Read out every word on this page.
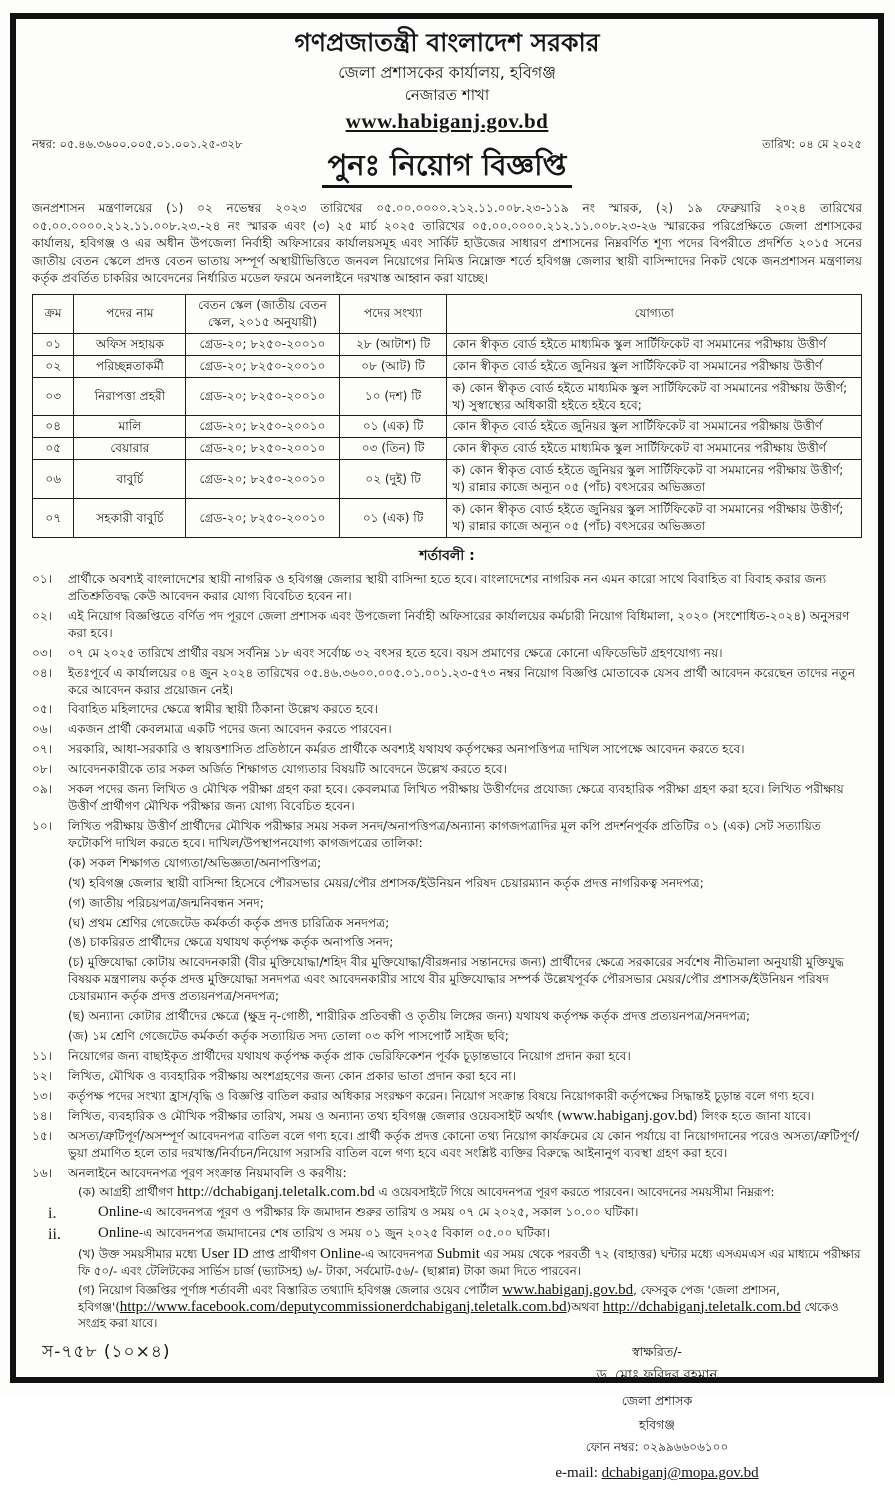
গণপ্রজাতন্ত্রী বাংলাদেশ সরকার
জেলা প্রশাসকের কার্যালয়, হবিগঞ্জ
নেজারত শাখা
www.habiganj.gov.bd
নম্বর: ০৫.৪৬.৩৬০০.০০৫.০১.০০১.২৫-৩২৮	তারিখ: ০৪ মে ২০২৫
পুনঃ নিয়োগ বিজ্ঞপ্তি
জনপ্রশাসন মন্ত্রণালয়ের (১) ০২ নভেম্বর ২০২৩ তারিখের ০৫.০০.০০০০.২১২.১১.০০৮.২৩-১১৯ নং স্মারক, (২) ১৯ ফেব্রুয়ারি ২০২৪ তারিখের ০৫.০০.০০০০.২১২.১১.০০৮.২৩.-২৪ নং স্মারক এবং (৩) ২৫ মার্চ ২০২৫ তারিখের ০৫.০০.০০০০.২১২.১১.০০৮.২৩-২৬ স্মারকের পরিপ্রেক্ষিতে জেলা প্রশাসকের কার্যালয়, হবিগঞ্জ ও এর অধীন উপজেলা নির্বাহী অফিসারের কার্যালয়সমূহ এবং সার্কিট হাউজের সাধারণ প্রশাসনের নিম্নবর্ণিত শূণ্য পদের বিপরীতে প্রদর্শিত ২০১৫ সনের জাতীয় বেতন স্কেলে প্রদত্ত বেতন ভাতায় সম্পূর্ণ অস্থায়ীভিত্তিতে জনবল নিয়োগের নিমিত্ত নিম্নোক্ত শর্তে হবিগঞ্জ জেলার স্থায়ী বাসিন্দাদের নিকট থেকে জনপ্রশাসন মন্ত্রণালয় কর্তৃক প্রবর্তিত চাকরির আবেদনের নির্ধারিত মডেল ফরমে অনলাইনে দরখাস্ত আহ্বান করা যাচ্ছে।
ক্রম	পদের নাম	বেতন স্কেল (জাতীয় বেতন স্কেল, ২০১৫ অনুযায়ী)	পদের সংখ্যা	যোগ্যতা
০১	অফিস সহায়ক	গ্রেড-২০; ৮২৫০-২০০১০	২৮ (আটাশ) টি	কোন স্বীকৃত বোর্ড হইতে মাধ্যমিক স্কুল সার্টিফিকেট বা সমমানের পরীক্ষায় উত্তীর্ণ

০২	পরিচ্ছন্নতাকর্মী	গ্রেড-২০; ৮২৫০-২০০১০	০৮ (আট) টি	কোন স্বীকৃত বোর্ড হইতে জুনিয়র স্কুল সার্টিফিকেট বা সমমানের পরীক্ষায় উত্তীর্ণ

০৩	নিরাপত্তা প্রহরী	গ্রেড-২০; ৮২৫০-২০০১০	১০ (দশ) টি	ক) কোন স্বীকৃত বোর্ড হইতে মাধ্যমিক স্কুল সার্টিফিকেট বা সমমানের পরীক্ষায় উত্তীর্ণ;
খ) সুস্বাস্থ্যের অধিকারী হইতে হইবে হবে;

০৪	মালি	গ্রেড-২০; ৮২৫০-২০০১০	০১ (এক) টি	কোন স্বীকৃত বোর্ড হইতে জুনিয়র স্কুল সার্টিফিকেট বা সমমানের পরীক্ষায় উত্তীর্ণ

০৫	বেয়ারার	গ্রেড-২০; ৮২৫০-২০০১০	০৩ (তিন) টি	কোন স্বীকৃত বোর্ড হইতে মাধ্যমিক স্কুল সার্টিফিকেট বা সমমানের পরীক্ষায় উত্তীর্ণ

০৬	বাবুর্চি	গ্রেড-২০; ৮২৫০-২০০১০	০২ (দুই) টি	ক) কোন স্বীকৃত বোর্ড হইতে জুনিয়র স্কুল সার্টিফিকেট বা সমমানের পরীক্ষায় উত্তীর্ণ;
খ) রান্নার কাজে অন্যূন ০৫ (পাঁচ) বৎসরের অভিজ্ঞতা

০৭	সহকারী বাবুর্চি	গ্রেড-২০; ৮২৫০-২০০১০	০১ (এক) টি	ক) কোন স্বীকৃত বোর্ড হইতে জুনিয়র স্কুল সার্টিফিকেট বা সমমানের পরীক্ষায় উত্তীর্ণ;
খ) রান্নার কাজে অন্যূন ০৫ (পাঁচ) বৎসরের অভিজ্ঞতা
শর্তাবলী :
০১।	প্রার্থীকে অবশ্যই বাংলাদেশের স্থায়ী নাগরিক ও হবিগঞ্জ জেলার স্থায়ী বাসিন্দা হতে হবে। বাংলাদেশের নাগরিক নন এমন কারো সাথে বিবাহিত বা বিবাহ করার জন্য প্রতিশ্রুতিবদ্ধ কেউ আবেদন করার যোগ্য বিবেচিত হবেন না।
০২।	এই নিয়োগ বিজ্ঞপ্তিতে বর্ণিত পদ পূরণে জেলা প্রশাসক এবং উপজেলা নির্বাহী অফিসারের কার্যালয়ের কর্মচারী নিয়োগ বিধিমালা, ২০২০ (সংশোধিত-২০২৪) অনুসরণ করা হবে।
০৩।	০৭ মে ২০২৫ তারিখে প্রার্থীর বয়স সর্বনিম্ন ১৮ এবং সর্বোচ্চ ৩২ বৎসর হতে হবে। বয়স প্রমাণের ক্ষেত্রে কোনো এফিডেভিট গ্রহণযোগ্য নয়।
০৪।	ইতঃপূর্বে এ কার্যালয়ের ০৪ জুন ২০২৪ তারিখের ০৫.৪৬.৩৬০০.০০৫.০১.০০১.২৩-৫৭৩ নম্বর নিয়োগ বিজ্ঞপ্তি মোতাবেক যেসব প্রার্থী আবেদন করেছেন তাদের নতুন করে আবেদন করার প্রয়োজন নেই।
০৫।	বিবাহিত মহিলাদের ক্ষেত্রে স্বামীর স্থায়ী ঠিকানা উল্লেখ করতে হবে।
০৬।	একজন প্রার্থী কেবলমাত্র একটি পদের জন্য আবেদন করতে পারবেন।
০৭।	সরকারি, আধা-সরকারি ও স্বায়ত্তশাসিত প্রতিষ্ঠানে কর্মরত প্রার্থীকে অবশ্যই যথাযথ কর্তৃপক্ষের অনাপত্তিপত্র দাখিল সাপেক্ষে আবেদন করতে হবে।
০৮।	আবেদনকারীকে তার সকল অর্জিত শিক্ষাগত যোগ্যতার বিষয়টি আবেদনে উল্লেখ করতে হবে।
০৯।	সকল পদের জন্য লিখিত ও মৌখিক পরীক্ষা গ্রহণ করা হবে। কেবলমাত্র লিখিত পরীক্ষায় উত্তীর্ণদের প্রযোজ্য ক্ষেত্রে ব্যবহারিক পরীক্ষা গ্রহণ করা হবে। লিখিত পরীক্ষায় উত্তীর্ণ প্রার্থীগণ মৌখিক পরীক্ষার জন্য যোগ্য বিবেচিত হবেন।
১০।	লিখিত পরীক্ষায় উত্তীর্ণ প্রার্থীদের মৌখিক পরীক্ষার সময় সকল সনদ/অনাপত্তিপত্র/অন্যান্য কাগজপত্রাদির মূল কপি প্রদর্শনপূর্বক প্রতিটির ০১ (এক) সেট সত্যায়িত ফটোকপি দাখিল করতে হবে। দাখিল/উপস্থাপনযোগ্য কাগজপত্রের তালিকা:
(ক) সকল শিক্ষাগত যোগ্যতা/অভিজ্ঞতা/অনাপত্তিপত্র;
(খ) হবিগঞ্জ জেলার স্থায়ী বাসিন্দা হিসেবে পৌরসভার মেয়র/পৌর প্রশাসক/ইউনিয়ন পরিষদ চেয়ারম্যান কর্তৃক প্রদত্ত নাগরিকত্ব সনদপত্র;
(গ) জাতীয় পরিচয়পত্র/জন্মনিবন্ধন সনদ;
(ঘ) প্রথম শ্রেণির গেজেটেড কর্মকর্তা কর্তৃক প্রদত্ত চারিত্রিক সনদপত্র;
(ঙ) চাকরিরত প্রার্থীদের ক্ষেত্রে যথাযথ কর্তৃপক্ষ কর্তৃক অনাপত্তি সনদ;
(চ) মুক্তিযোদ্ধা কোটায় আবেদনকারী (বীর মুক্তিযোদ্ধা/শহিদ বীর মুক্তিযোদ্ধা/বীরঙ্গনার সন্তানদের জন্য) প্রার্থীদের ক্ষেত্রে সরকারের সর্বশেষ নীতিমালা অনুযায়ী মুক্তিযুদ্ধ বিষয়ক মন্ত্রণালয় কর্তৃক প্রদত্ত মুক্তিযোদ্ধা সনদপত্র এবং আবেদনকারীর সাথে বীর মুক্তিযোদ্ধার সম্পর্ক উল্লেখপূর্বক পৌরসভার মেয়র/পৌর প্রশাসক/ইউনিয়ন পরিষদ চেয়ারম্যান কর্তৃক প্রদত্ত প্রত্যয়নপত্র/সনদপত্র;
(ছ) অন্যান্য কোটার প্রার্থীদের ক্ষেত্রে (ক্ষুদ্র নৃ-গোষ্ঠী, শারীরিক প্রতিবন্ধী ও তৃতীয় লিঙ্গের জন্য) যথাযথ কর্তৃপক্ষ কর্তৃক প্রদত্ত প্রত্যয়নপত্র/সনদপত্র;
(জ) ১ম শ্রেণি গেজেটেড কর্মকর্তা কর্তৃক সত্যায়িত সদ্য তোলা ০৩ কপি পাসপোর্ট সাইজ ছবি;
১১।	নিয়োগের জন্য বাছাইকৃত প্রার্থীদের যথাযথ কর্তৃপক্ষ কর্তৃক প্রাক ভেরিফিকেশন পূর্বক চূড়ান্তভাবে নিয়োগ প্রদান করা হবে।
১২।	লিখিত, মৌখিক ও ব্যবহারিক পরীক্ষায় অংশগ্রহণের জন্য কোন প্রকার ভাতা প্রদান করা হবে না।
১৩।	কর্তৃপক্ষ পদের সংখ্যা হ্রাস/বৃদ্ধি ও বিজ্ঞপ্তি বাতিল করার অধিকার সংরক্ষণ করেন। নিয়োগ সংক্রান্ত বিষয়ে নিয়োগকারী কর্তৃপক্ষের সিদ্ধান্তই চূড়ান্ত বলে গণ্য হবে।
১৪।	লিখিত, ব্যবহারিক ও মৌখিক পরীক্ষার তারিখ, সময় ও অন্যান্য তথ্য হবিগঞ্জ জেলার ওয়েবসাইট অর্থাৎ (www.habiganj.gov.bd) লিংক হতে জানা যাবে।
১৫।	অসত্য/ত্রুটিপূর্ণ/অসম্পূর্ণ আবেদনপত্র বাতিল বলে গণ্য হবে। প্রার্থী কর্তৃক প্রদত্ত কোনো তথ্য নিয়োগ কার্যক্রমের যে কোন পর্যায়ে বা নিয়োগদানের পরেও অসত্য/ত্রুটিপূর্ণ/ভুয়া প্রমাণিত হলে তার দরখাস্ত/নির্বাচন/নিয়োগ সরাসরি বাতিল বলে গণ্য হবে এবং সংশ্লিষ্ট ব্যক্তির বিরুদ্ধে আইনানুগ ব্যবস্থা গ্রহণ করা হবে।
১৬।	অনলাইনে আবেদনপত্র পূরণ সংক্রান্ত নিয়মাবলি ও করণীয়:
(ক) আগ্রহী প্রার্থীগণ http://dchabiganj.teletalk.com.bd এ ওয়েবসাইটে গিয়ে আবেদনপত্র পূরণ করতে পারবেন। আবেদনের সময়সীমা নিম্নরূপ:
i.	Online-এ আবেদনপত্র পূরণ ও পরীক্ষার ফি জমাদান শুরুর তারিখ ও সময় ০৭ মে ২০২৫, সকাল ১০.০০ ঘটিকা।
ii.	Online-এ আবেদনপত্র জমাদানের শেষ তারিখ ও সময় ০১ জুন ২০২৫ বিকাল ০৫.০০ ঘটিকা।
(খ) উক্ত সময়সীমার মধ্যে User ID প্রাপ্ত প্রার্থীগণ Online-এ আবেদনপত্র Submit এর সময় থেকে পরবর্তী ৭২ (বাহাত্তর) ঘন্টার মধ্যে এসএমএস এর মাধ্যমে পরীক্ষার ফি ৫০/- এবং টেলিটকের সার্ভিস চার্জ (ভ্যাটসহ) ৬/- টাকা, সর্বমোট-৫৬/- (ছাপ্পান্ন) টাকা জমা দিতে পারবেন।
(গ) নিয়োগ বিজ্ঞপ্তির পূর্ণাঙ্গ শর্তাবলী এবং বিস্তারিত তথ্যাদি হবিগঞ্জ জেলার ওয়েব পোর্টাল www.habiganj.gov.bd, ফেসবুক পেজ 'জেলা প্রশাসন, হবিগঞ্জ'(http://www.facebook.com/deputycommissionerdchabiganj.teletalk.com.bd)অথবা http://dchabiganj.teletalk.com.bd থেকেও সংগ্রহ করা যাবে।
স্বাক্ষরিত/-
ড. মোঃ ফরিদুর রহমান
জেলা প্রশাসক
হবিগঞ্জ
ফোন নম্বর: ০২৯৯৬৬০৬১০০
e-mail: dchabiganj@mopa.gov.bd
স-৭৫৮ (১০×৪)
